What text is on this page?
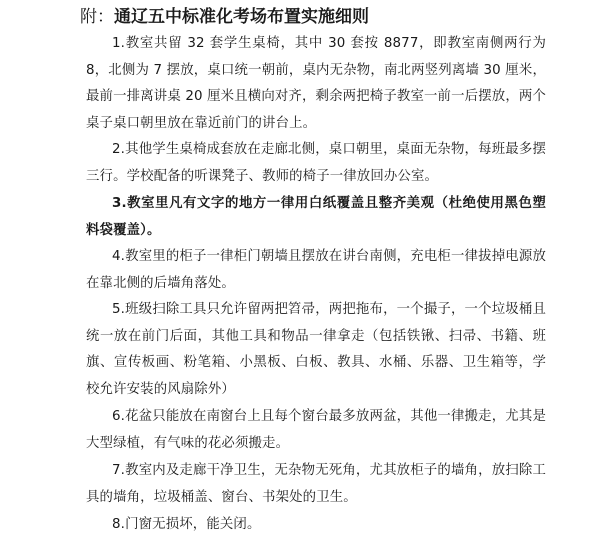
附：通辽五中标准化考场布置实施细则
1.教室共留 32 套学生桌椅，其中 30 套按 8877，即教室南侧两行为 8，北侧为 7 摆放，桌口统一朝前，桌内无杂物，南北两竖列离墙 30 厘米，最前一排离讲桌 20 厘米且横向对齐，剩余两把椅子教室一前一后摆放，两个桌子桌口朝里放在靠近前门的讲台上。
2.其他学生桌椅成套放在走廊北侧，桌口朝里，桌面无杂物，每班最多摆三行。学校配备的听课凳子、教师的椅子一律放回办公室。
3.教室里凡有文字的地方一律用白纸覆盖且整齐美观（杜绝使用黑色塑料袋覆盖）。
4.教室里的柜子一律柜门朝墙且摆放在讲台南侧，充电柜一律拔掉电源放在靠北侧的后墙角落处。
5.班级扫除工具只允许留两把笤帚，两把拖布，一个撮子，一个垃圾桶且统一放在前门后面，其他工具和物品一律拿走（包括铁锹、扫帚、书籍、班旗、宣传板画、粉笔箱、小黑板、白板、教具、水桶、乐器、卫生箱等，学校允许安装的风扇除外）
6.花盆只能放在南窗台上且每个窗台最多放两盆，其他一律搬走，尤其是大型绿植，有气味的花必须搬走。
7.教室内及走廊干净卫生，无杂物无死角，尤其放柜子的墙角，放扫除工具的墙角，垃圾桶盖、窗台、书架处的卫生。
8.门窗无损坏，能关闭。
